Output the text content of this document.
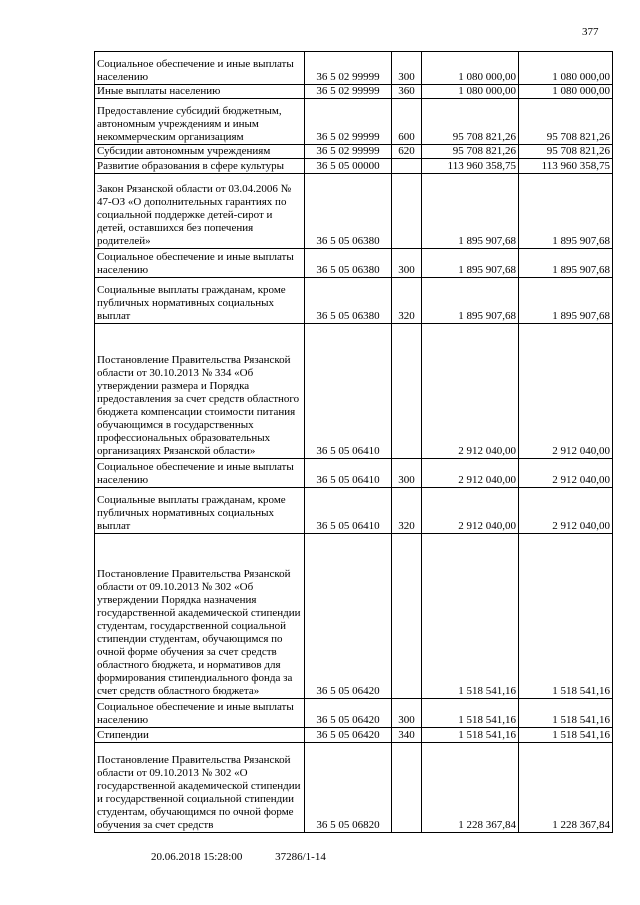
377
Социальное обеспечение и иные выплаты населению	36 5 02 99999	300	1 080 000,00	1 080 000,00
Иные выплаты населению	36 5 02 99999	360	1 080 000,00	1 080 000,00
Предоставление субсидий бюджетным, автономным учреждениям и иным некоммерческим организациям	36 5 02 99999	600	95 708 821,26	95 708 821,26
Субсидии автономным учреждениям	36 5 02 99999	620	95 708 821,26	95 708 821,26
Развитие образования в сфере культуры	36 5 05 00000		113 960 358,75	113 960 358,75
Закон Рязанской области от 03.04.2006 № 47-ОЗ «О дополнительных гарантиях по социальной поддержке детей-сирот и детей, оставшихся без попечения родителей»	36 5 05 06380		1 895 907,68	1 895 907,68
Социальное обеспечение и иные выплаты населению	36 5 05 06380	300	1 895 907,68	1 895 907,68
Социальные выплаты гражданам, кроме публичных нормативных социальных выплат	36 5 05 06380	320	1 895 907,68	1 895 907,68
Постановление Правительства Рязанской области от 30.10.2013 № 334 «Об утверждении размера и Порядка предоставления за счет средств областного бюджета компенсации стоимости питания обучающимся в государственных профессиональных образовательных организациях Рязанской области»	36 5 05 06410		2 912 040,00	2 912 040,00
Социальное обеспечение и иные выплаты населению	36 5 05 06410	300	2 912 040,00	2 912 040,00
Социальные выплаты гражданам, кроме публичных нормативных социальных выплат	36 5 05 06410	320	2 912 040,00	2 912 040,00
Постановление Правительства Рязанской области от 09.10.2013 № 302 «Об утверждении Порядка назначения государственной академической стипендии студентам, государственной социальной стипендии студентам, обучающимся по очной форме обучения за счет средств областного бюджета, и нормативов для формирования стипендиального фонда за счет средств областного бюджета»	36 5 05 06420		1 518 541,16	1 518 541,16
Социальное обеспечение и иные выплаты населению	36 5 05 06420	300	1 518 541,16	1 518 541,16
Стипендии	36 5 05 06420	340	1 518 541,16	1 518 541,16
Постановление Правительства Рязанской области от 09.10.2013 № 302 «О государственной академической стипендии и государственной социальной стипендии студентам, обучающимся по очной форме обучения за счет средств	36 5 05 06820		1 228 367,84	1 228 367,84
20.06.2018 15:28:00	37286/1-14
